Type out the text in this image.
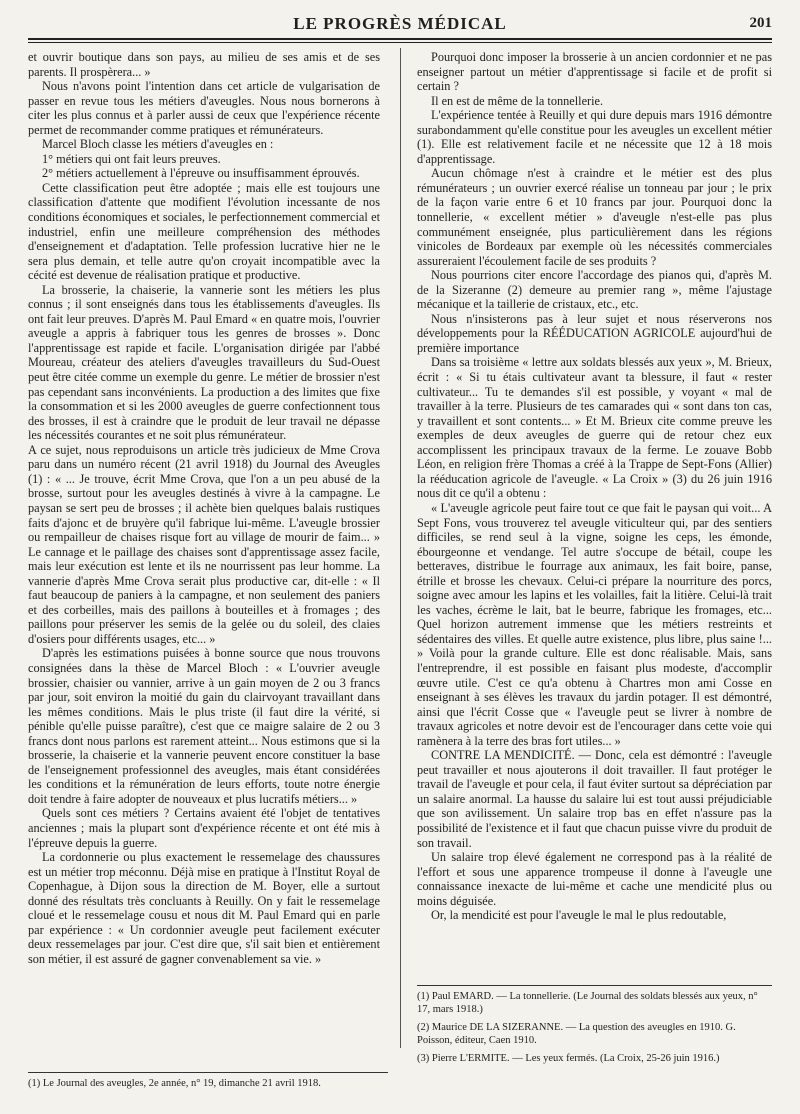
LE PROGRÈS MÉDICAL	201

et ouvrir boutique dans son pays, au milieu de ses amis et de ses parents. Il prospèrera... »

Nous n'avons point l'intention dans cet article de vulgarisation de passer en revue tous les métiers d'aveugles. Nous nous bornerons à citer les plus connus et à parler aussi de ceux que l'expérience récente permet de recommander comme pratiques et rémunérateurs.

Marcel Bloch classe les métiers d'aveugles en :

1° métiers qui ont fait leurs preuves.

2° métiers actuellement à l'épreuve ou insuffisamment éprouvés.

Cette classification peut être adoptée ; mais elle est toujours une classification d'attente que modifient l'évolution incessante de nos conditions économiques et sociales, le perfectionnement commercial et industriel, enfin une meilleure compréhension des méthodes d'enseignement et d'adaptation. Telle profession lucrative hier ne le sera plus demain, et telle autre qu'on croyait incompatible avec la cécité est devenue de réalisation pratique et productive.

La brosserie, la chaiserie, la vannerie sont les métiers les plus connus ; il sont enseignés dans tous les établissements d'aveugles. Ils ont fait leur preuves. D'après M. Paul Emard « en quatre mois, l'ouvrier aveugle a appris à fabriquer tous les genres de brosses ». Donc l'apprentissage est rapide et facile. L'organisation dirigée par l'abbé Moureau, créateur des ateliers d'aveugles travailleurs du Sud-Ouest peut être citée comme un exemple du genre. Le métier de brossier n'est pas cependant sans inconvénients. La production a des limites que fixe la consommation et si les 2000 aveugles de guerre confectionnent tous des brosses, il est à craindre que le produit de leur travail ne dépasse les nécessités courantes et ne soit plus rémunérateur.

A ce sujet, nous reproduisons un article très judicieux de Mme Crova paru dans un numéro récent (21 avril 1918) du Journal des Aveugles (1) : « ... Je trouve, écrit Mme Crova, que l'on a un peu abusé de la brosse, surtout pour les aveugles destinés à vivre à la campagne. Le paysan se sert peu de brosses ; il achète bien quelques balais rustiques faits d'ajonc et de bruyère qu'il fabrique lui-même. L'aveugle brossier ou rempailleur de chaises risque fort au village de mourir de faim... » Le cannage et le paillage des chaises sont d'apprentissage assez facile, mais leur exécution est lente et ils ne nourrissent pas leur homme. La vannerie d'après Mme Crova serait plus productive car, dit-elle : « Il faut beaucoup de paniers à la campagne, et non seulement des paniers et des corbeilles, mais des paillons à bouteilles et à fromages ; des paillons pour préserver les semis de la gelée ou du soleil, des claies d'osiers pour différents usages, etc... »

D'après les estimations puisées à bonne source que nous trouvons consignées dans la thèse de Marcel Bloch : « L'ouvrier aveugle brossier, chaisier ou vannier, arrive à un gain moyen de 2 ou 3 francs par jour, soit environ la moitié du gain du clairvoyant travaillant dans les mêmes conditions. Mais le plus triste (il faut dire la vérité, si pénible qu'elle puisse paraître), c'est que ce maigre salaire de 2 ou 3 francs dont nous parlons est rarement atteint... Nous estimons que si la brosserie, la chaiserie et la vannerie peuvent encore constituer la base de l'enseignement professionnel des aveugles, mais étant considérées les conditions et la rémunération de leurs efforts, toute notre énergie doit tendre à faire adopter de nouveaux et plus lucratifs métiers... »

Quels sont ces métiers ? Certains avaient été l'objet de tentatives anciennes ; mais la plupart sont d'expérience récente et ont été mis à l'épreuve depuis la guerre.

La cordonnerie ou plus exactement le ressemelage des chaussures est un métier trop méconnu. Déjà mise en pratique à l'Institut Royal de Copenhague, à Dijon sous la direction de M. Boyer, elle a surtout donné des résultats très concluants à Reuilly. On y fait le ressemelage cloué et le ressemelage cousu et nous dit M. Paul Emard qui en parle par expérience : « Un cordonnier aveugle peut facilement exécuter deux ressemelages par jour. C'est dire que, s'il sait bien et entièrement son métier, il est assuré de gagner convenablement sa vie. »

Pourquoi donc imposer la brosserie à un ancien cordonnier et ne pas enseigner partout un métier d'apprentissage si facile et de profit si certain ?

Il en est de même de la tonnellerie.

L'expérience tentée à Reuilly et qui dure depuis mars 1916 démontre surabondamment qu'elle constitue pour les aveugles un excellent métier (1). Elle est relativement facile et ne nécessite que 12 à 18 mois d'apprentissage.

Aucun chômage n'est à craindre et le métier est des plus rémunérateurs ; un ouvrier exercé réalise un tonneau par jour ; le prix de la façon varie entre 6 et 10 francs par jour. Pourquoi donc la tonnellerie, « excellent métier » d'aveugle n'est-elle pas plus communément enseignée, plus particulièrement dans les régions vinicoles de Bordeaux par exemple où les nécessités commerciales assureraient l'écoulement facile de ses produits ?

Nous pourrions citer encore l'accordage des pianos qui, d'après M. de la Sizeranne (2) demeure au premier rang », même l'ajustage mécanique et la taillerie de cristaux, etc., etc.

Nous n'insisterons pas à leur sujet et nous réserverons nos développements pour la RÉÉDUCATION AGRICOLE aujourd'hui de première importance

Dans sa troisième « lettre aux soldats blessés aux yeux », M. Brieux, écrit : « Si tu étais cultivateur avant ta blessure, il faut « rester cultivateur... Tu te demandes s'il est possible, y voyant « mal de travailler à la terre. Plusieurs de tes camarades qui « sont dans ton cas, y travaillent et sont contents... » Et M. Brieux cite comme preuve les exemples de deux aveugles de guerre qui de retour chez eux accomplissent les principaux travaux de la ferme. Le zouave Bobb Léon, en religion frère Thomas a créé à la Trappe de Sept-Fons (Allier) la rééducation agricole de l'aveugle. « La Croix » (3) du 26 juin 1916 nous dit ce qu'il a obtenu :

« L'aveugle agricole peut faire tout ce que fait le paysan qui voit... A Sept Fons, vous trouverez tel aveugle viticulteur qui, par des sentiers difficiles, se rend seul à la vigne, soigne les ceps, les émonde, ébourgeonne et vendange. Tel autre s'occupe de bétail, coupe les betteraves, distribue le fourrage aux animaux, les fait boire, panse, étrille et brosse les chevaux. Celui-ci prépare la nourriture des porcs, soigne avec amour les lapins et les volailles, fait la litière. Celui-là trait les vaches, écrème le lait, bat le beurre, fabrique les fromages, etc... Quel horizon autrement immense que les métiers restreints et sédentaires des villes. Et quelle autre existence, plus libre, plus saine !... » Voilà pour la grande culture. Elle est donc réalisable. Mais, sans l'entreprendre, il est possible en faisant plus modeste, d'accomplir œuvre utile. C'est ce qu'a obtenu à Chartres mon ami Cosse en enseignant à ses élèves les travaux du jardin potager. Il est démontré, ainsi que l'écrit Cosse que « l'aveugle peut se livrer à nombre de travaux agricoles et notre devoir est de l'encourager dans cette voie qui ramènera à la terre des bras fort utiles... »

CONTRE LA MENDICITÉ. — Donc, cela est démontré : l'aveugle peut travailler et nous ajouterons il doit travailler. Il faut protéger le travail de l'aveugle et pour cela, il faut éviter surtout sa dépréciation par un salaire anormal. La hausse du salaire lui est tout aussi préjudiciable que son avilissement. Un salaire trop bas en effet n'assure pas la possibilité de l'existence et il faut que chacun puisse vivre du produit de son travail.

Un salaire trop élevé également ne correspond pas à la réalité de l'effort et sous une apparence trompeuse il donne à l'aveugle une connaissance inexacte de lui-même et cache une mendicité plus ou moins déguisée.

Or, la mendicité est pour l'aveugle le mal le plus redoutable,

(1) Le Journal des aveugles, 2e année, n° 19, dimanche 21 avril 1918.

(1) Paul EMARD. — La tonnellerie. (Le Journal des soldats blessés aux yeux, n° 17, mars 1918.)

(2) Maurice DE LA SIZERANNE. — La question des aveugles en 1910. G. Poisson, éditeur, Caen 1910.

(3) Pierre L'ERMITE. — Les yeux fermés. (La Croix, 25-26 juin 1916.)
